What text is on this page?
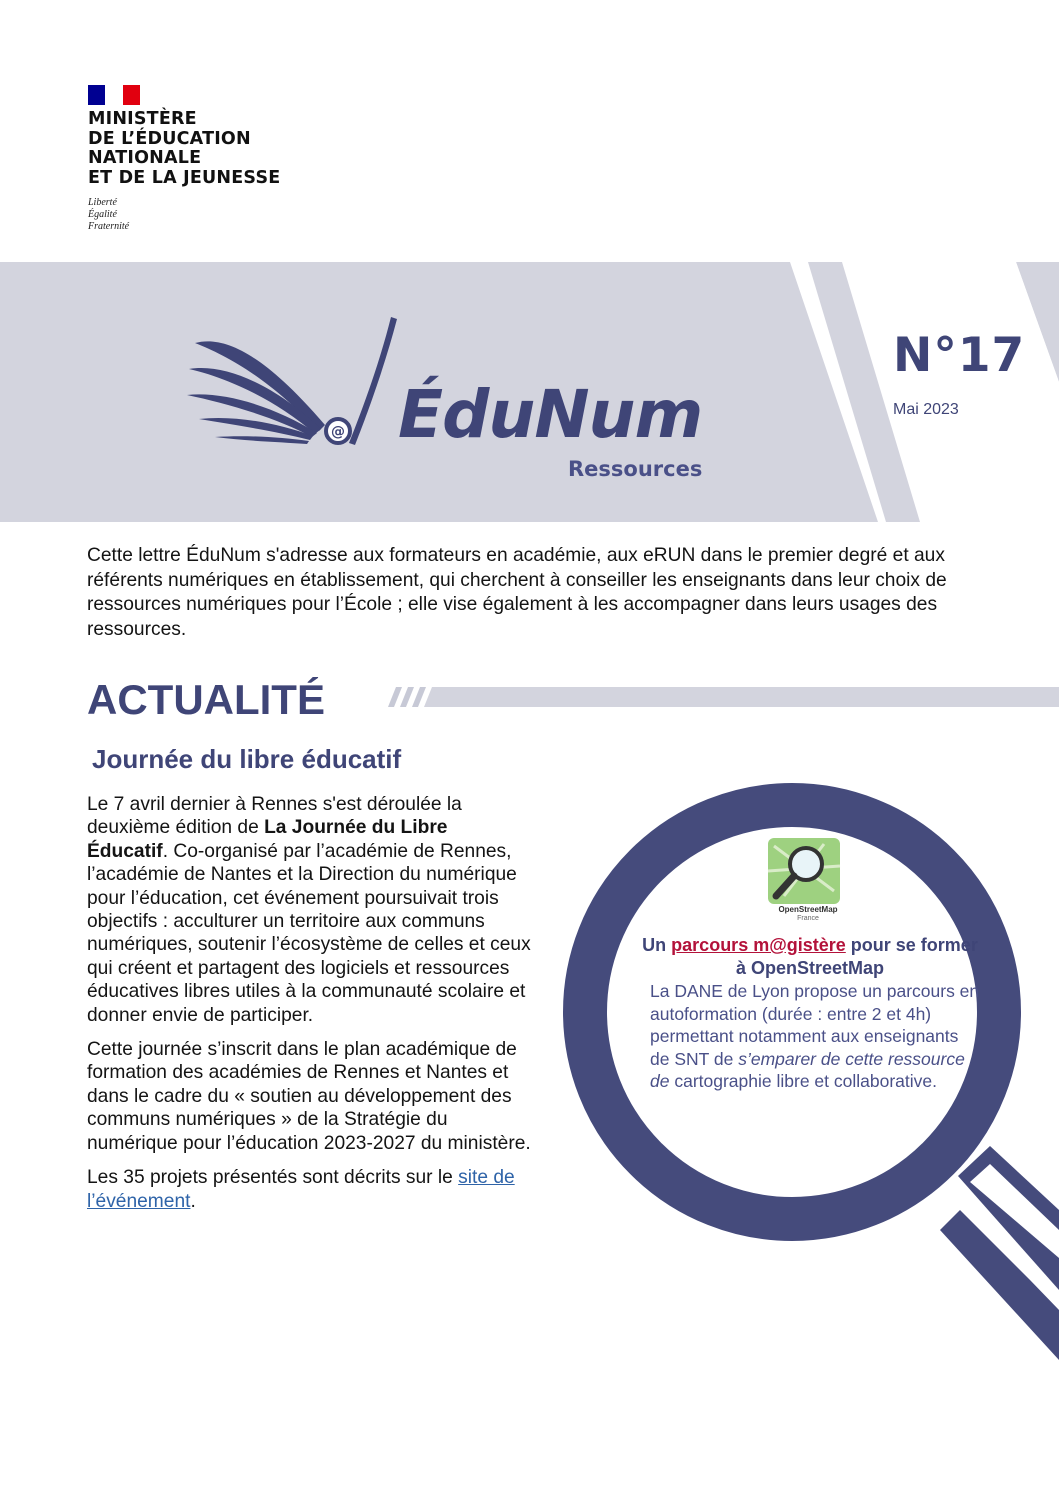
MINISTÈRE
DE L’ÉDUCATION
NATIONALE
ET DE LA JEUNESSE
Liberté
Égalité
Fraternité
@ ÉduNum
Ressources
N°17
Mai 2023
Cette lettre ÉduNum s'adresse aux formateurs en académie, aux eRUN dans le premier degré et aux référents numériques en établissement, qui cherchent à conseiller les enseignants dans leur choix de ressources numériques pour l’École ; elle vise également à les accompagner dans leurs usages des ressources.
ACTUALITÉ
Journée du libre éducatif

Le 7 avril dernier à Rennes s'est déroulée la deuxième édition de La Journée du Libre Éducatif. Co-organisé par l’académie de Rennes, l’académie de Nantes et la Direction du numérique pour l’éducation, cet événement poursuivait trois objectifs : acculturer un territoire aux communs numériques, soutenir l’écosystème de celles et ceux qui créent et partagent des logiciels et ressources éducatives libres utiles à la communauté scolaire et donner envie de participer.

Cette journée s’inscrit dans le plan académique de formation des académies de Rennes et Nantes et dans le cadre du « soutien au développement des communs numériques » de la Stratégie du numérique pour l’éducation 2023-2027 du ministère.

Les 35 projets présentés sont décrits sur le site de l’événement.

OpenStreetMap
France
Un parcours m@gistère pour se former à OpenStreetMap
La DANE de Lyon propose un parcours en autoformation (durée : entre 2 et 4h) permettant notamment aux enseignants de SNT de s’emparer de cette ressource de cartographie libre et collaborative.
